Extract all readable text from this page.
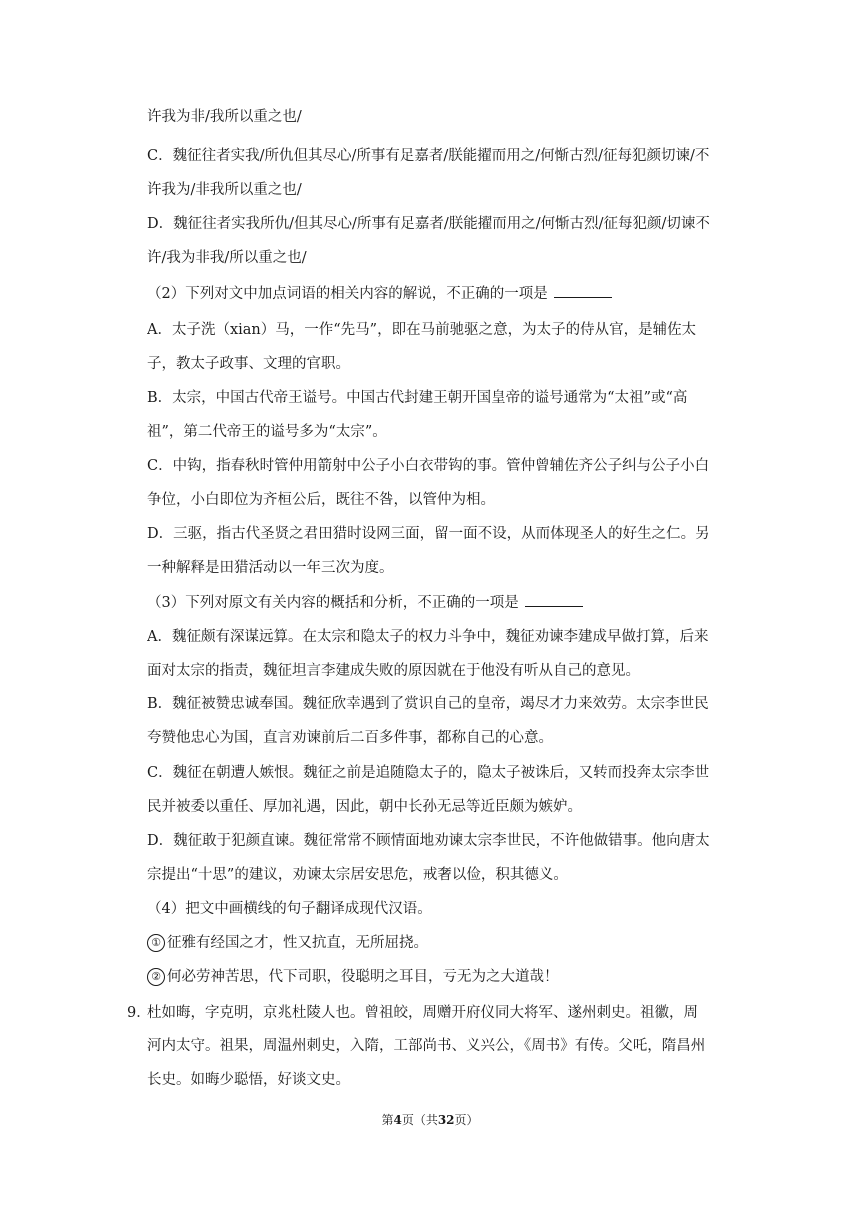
许我为非/我所以重之也/
C．魏征往者实我/所仇但其尽心/所事有足嘉者/朕能擢而用之/何惭古烈/征每犯颜切谏/不
许我为/非我所以重之也/
D．魏征往者实我所仇/但其尽心/所事有足嘉者/朕能擢而用之/何惭古烈/征每犯颜/切谏不
许/我为非我/所以重之也/
（2）下列对文中加点词语的相关内容的解说，不正确的一项是
A．太子洗（xian）马，一作“先马”，即在马前驰驱之意，为太子的侍从官，是辅佐太
子，教太子政事、文理的官职。
B．太宗，中国古代帝王谥号。中国古代封建王朝开国皇帝的谥号通常为“太祖”或“高
祖”，第二代帝王的谥号多为“太宗”。
C．中钩，指春秋时管仲用箭射中公子小白衣带钩的事。管仲曾辅佐齐公子纠与公子小白
争位，小白即位为齐桓公后，既往不咎，以管仲为相。
D．三驱，指古代圣贤之君田猎时设网三面，留一面不设，从而体现圣人的好生之仁。另
一种解释是田猎活动以一年三次为度。
（3）下列对原文有关内容的概括和分析，不正确的一项是
A．魏征颇有深谋远算。在太宗和隐太子的权力斗争中，魏征劝谏李建成早做打算，后来
面对太宗的指责，魏征坦言李建成失败的原因就在于他没有听从自己的意见。
B．魏征被赞忠诚奉国。魏征欣幸遇到了赏识自己的皇帝，竭尽才力来效劳。太宗李世民
夸赞他忠心为国，直言劝谏前后二百多件事，都称自己的心意。
C．魏征在朝遭人嫉恨。魏征之前是追随隐太子的，隐太子被诛后，又转而投奔太宗李世
民并被委以重任、厚加礼遇，因此，朝中长孙无忌等近臣颇为嫉妒。
D．魏征敢于犯颜直谏。魏征常常不顾情面地劝谏太宗李世民，不许他做错事。他向唐太
宗提出“十思”的建议，劝谏太宗居安思危，戒奢以俭，积其德义。
（4）把文中画横线的句子翻译成现代汉语。
① 征雅有经国之才，性又抗直，无所屈挠。
② 何必劳神苦思，代下司职，役聪明之耳目，亏无为之大道哉！
9．
杜如晦，字克明，京兆杜陵人也。曾祖皎，周赠开府仪同大将军、遂州刺史。祖徽，周
河内太守。祖果，周温州刺史，入隋，工部尚书、义兴公，《周书》有传。父吒，隋昌州
长史。如晦少聪悟，好谈文史。
第4页（共32页）
